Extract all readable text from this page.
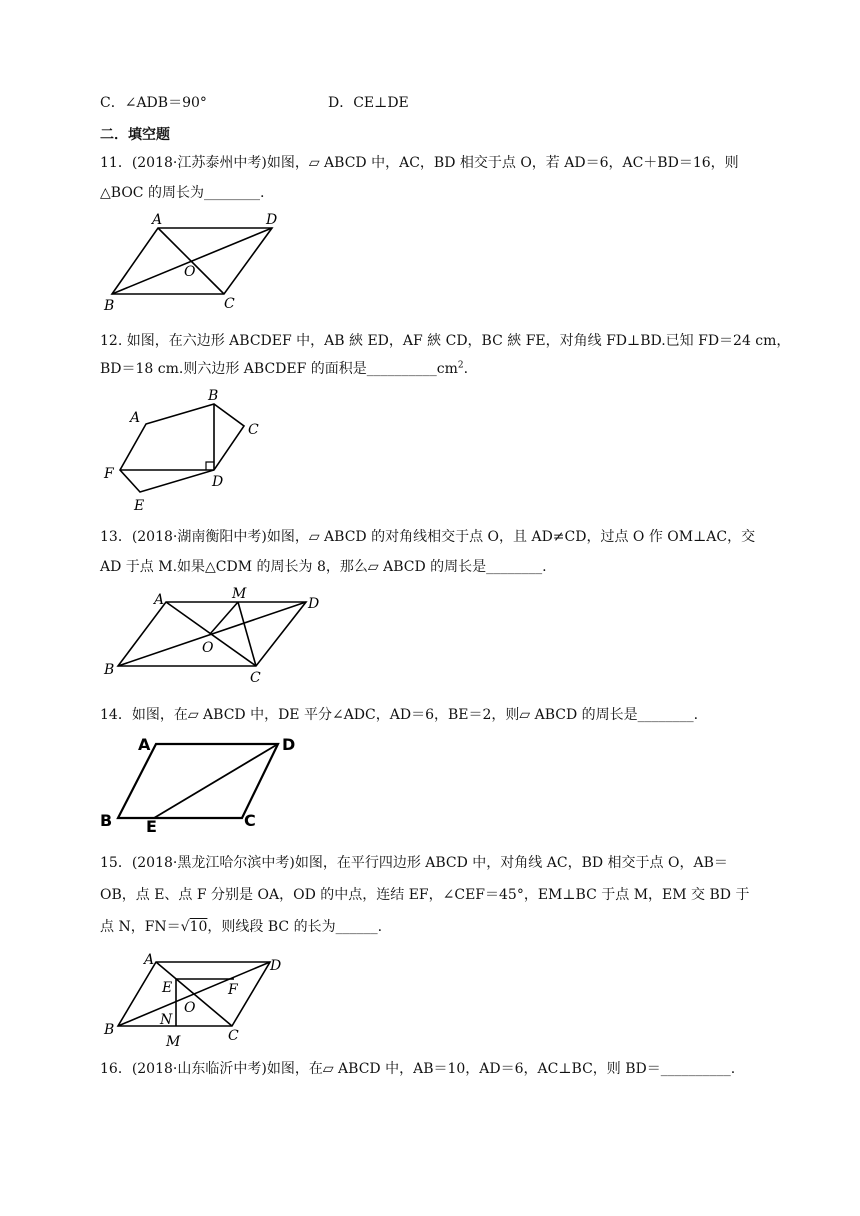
C．∠ADB＝90°	D．CE⊥DE
二．填空题
11．(2018·江苏泰州中考)如图，▱ ABCD 中，AC，BD 相交于点 O，若 AD＝6，AC＋BD＝16，则
△BOC 的周长为________.
A	D
O
B	C
12. 如图，在六边形 ABCDEF 中，AB 綊 ED，AF 綊 CD，BC 綊 FE，对角线 FD⊥BD.已知 FD＝24 cm，
BD＝18 cm.则六边形 ABCDEF 的面积是$\_\_\_\_\_\_\_\_\_\_cm^2$.
A
B
C
D
E
F
13．(2018·湖南衡阳中考)如图，▱ ABCD 的对角线相交于点 O，且 AD≠CD，过点 O 作 OM⊥AC，交
AD 于点 M.如果△CDM 的周长为 8，那么▱ ABCD 的周长是________.
A	M
D
O
B	C
14．如图，在▱ ABCD 中，DE 平分∠ADC，AD＝6，BE＝2，则▱ ABCD 的周长是________.
A	D
B E	C
15．(2018·黑龙江哈尔滨中考)如图，在平行四边形 ABCD 中，对角线 AC，BD 相交于点 O，AB＝
OB，点 E、点 F 分别是 OA，OD 的中点，连结 EF，∠CEF＝45°，EM⊥BC 于点 M，EM 交 BD 于
点 N，FN＝√10，则线段 BC 的长为______.
A	D
E	F
O
N
B
M	C
16．(2018·山东临沂中考)如图，在▱ ABCD 中，AB＝10，AD＝6，AC⊥BC，则 BD＝__________.
